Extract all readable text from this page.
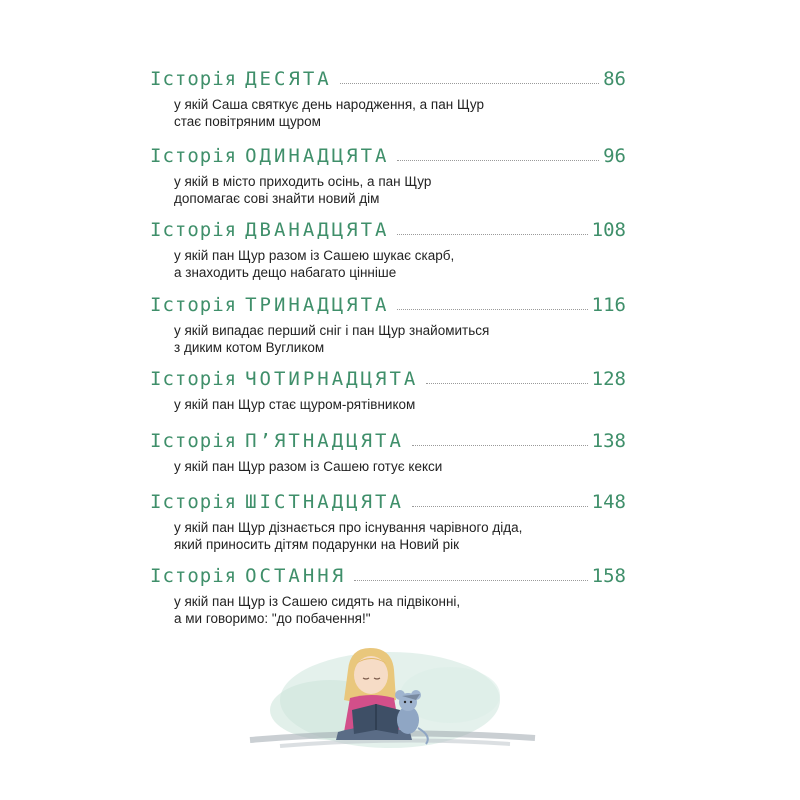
Історія ДЕСЯТА	86
у якій Саша святкує день народження, а пан Щур
стає повітряним щуром
Історія ОДИНАДЦЯТА	96
у якій в місто приходить осінь, а пан Щур
допомагає сові знайти новий дім
Історія ДВАНАДЦЯТА	108
у якій пан Щур разом із Сашею шукає скарб,
а знаходить дещо набагато цінніше
Історія ТРИНАДЦЯТА	116
у якій випадає перший сніг і пан Щур знайомиться
з диким котом Вугликом
Історія ЧОТИРНАДЦЯТА	128
у якій пан Щур стає щуром-рятівником
Історія П’ЯТНАДЦЯТА	138
у якій пан Щур разом із Сашею готує кекси
Історія ШІСТНАДЦЯТА	148
у якій пан Щур дізнається про існування чарівного діда,
який приносить дітям подарунки на Новий рік
Історія ОСТАННЯ	158
у якій пан Щур із Сашею сидять на підвіконні,
а ми говоримо: "до побачення!"
